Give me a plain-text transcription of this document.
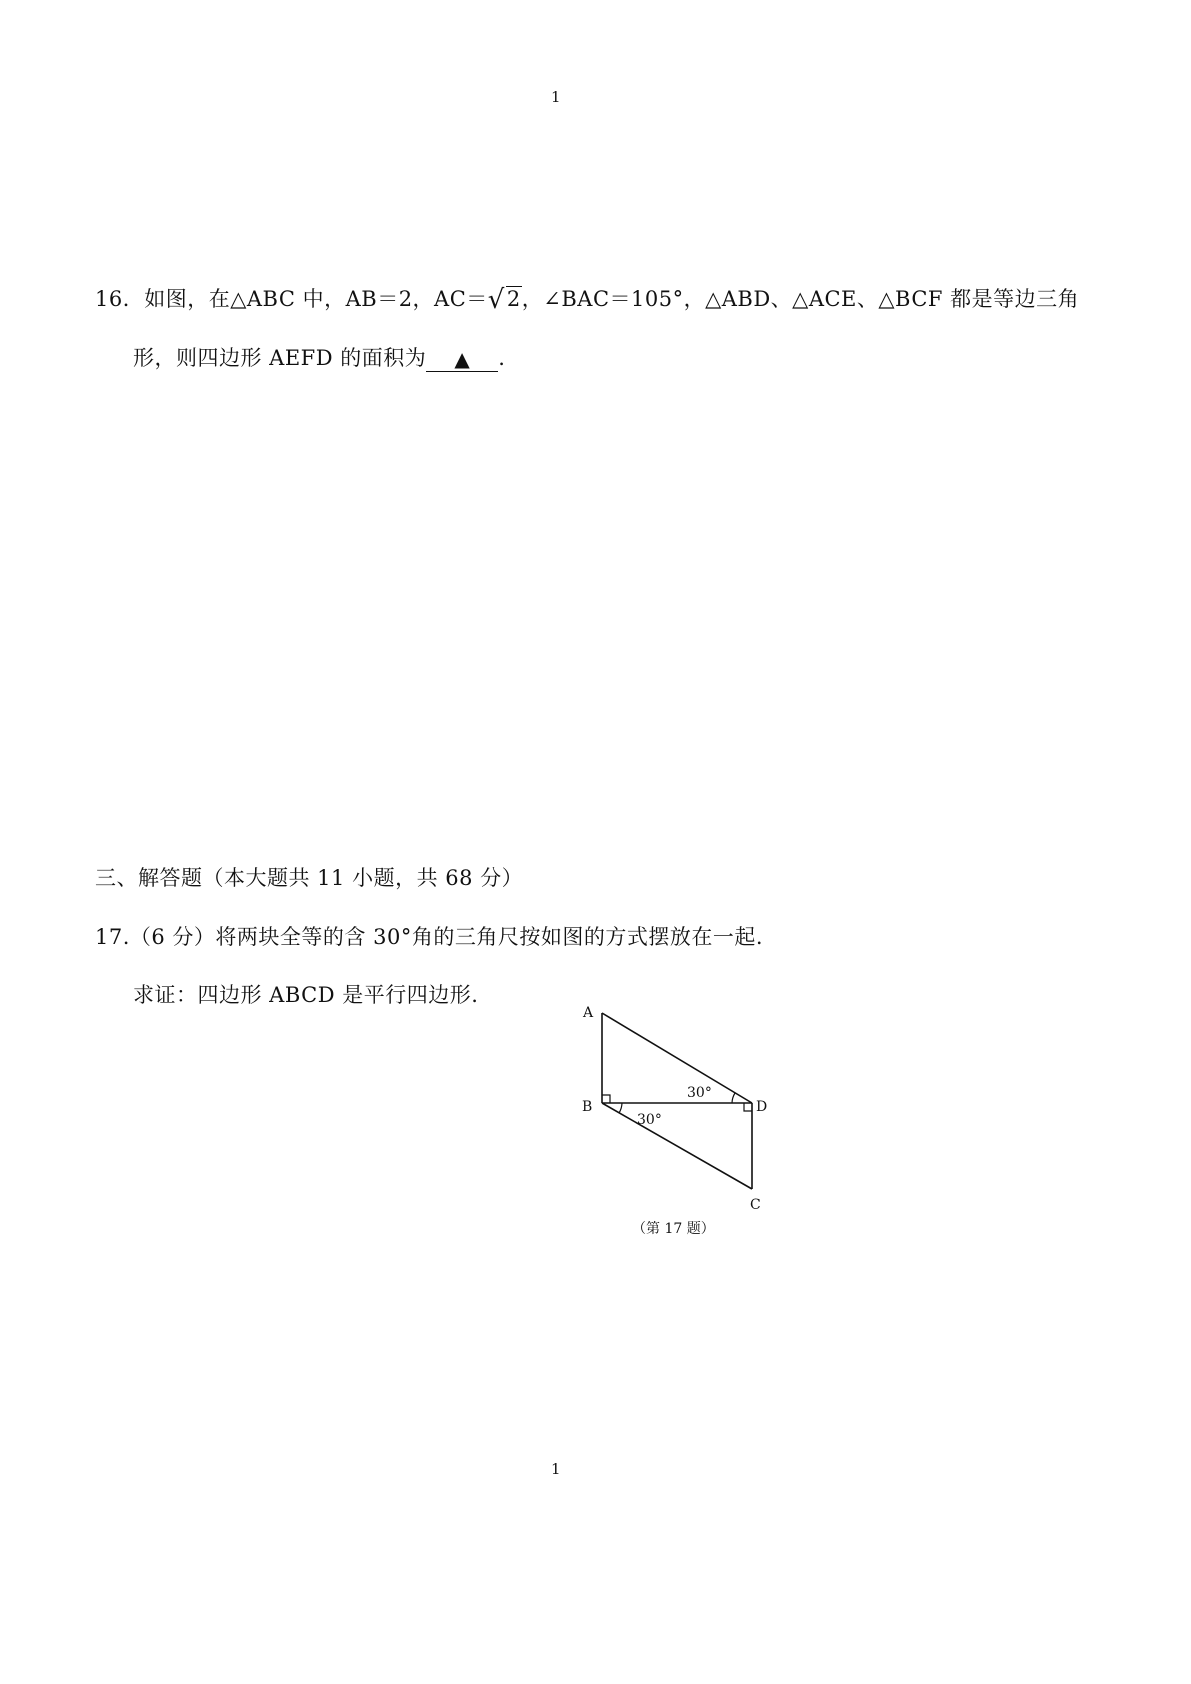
1
16．如图，在△ABC 中，AB＝2，AC＝√2，∠BAC＝105°，△ABD、△ACE、△BCF 都是等边三角
形，则四边形 AEFD 的面积为 ▲ .
三、解答题（本大题共 11 小题，共 68 分）
17.（6 分）将两块全等的含 30°角的三角尺按如图的方式摆放在一起.
求证：四边形 ABCD 是平行四边形.
A
B	D
C
30°
30°
（第 17 题）
1
